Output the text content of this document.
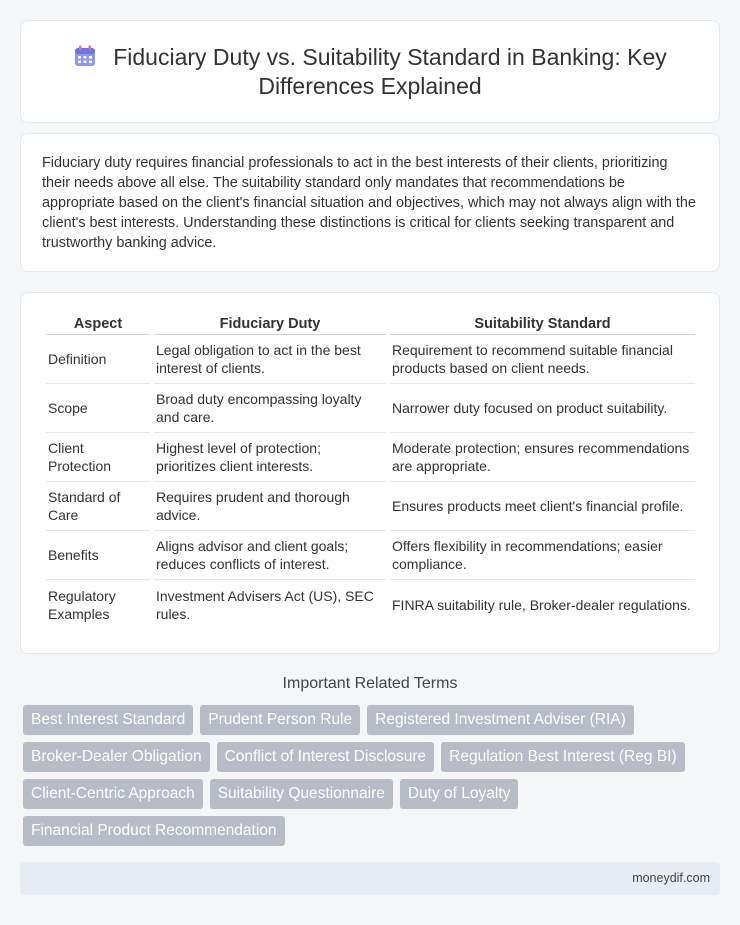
Fiduciary Duty vs. Suitability Standard in Banking: Key Differences Explained

Fiduciary duty requires financial professionals to act in the best interests of their clients, prioritizing their needs above all else. The suitability standard only mandates that recommendations be appropriate based on the client's financial situation and objectives, which may not always align with the client's best interests. Understanding these distinctions is critical for clients seeking transparent and trustworthy banking advice.

Aspect	Fiduciary Duty	Suitability Standard
Definition	Legal obligation to act in the best interest of clients.	Requirement to recommend suitable financial products based on client needs.
Scope	Broad duty encompassing loyalty and care.	Narrower duty focused on product suitability.
Client Protection	Highest level of protection; prioritizes client interests.	Moderate protection; ensures recommendations are appropriate.
Standard of Care	Requires prudent and thorough advice.	Ensures products meet client's financial profile.
Benefits	Aligns advisor and client goals; reduces conflicts of interest.	Offers flexibility in recommendations; easier compliance.
Regulatory Examples	Investment Advisers Act (US), SEC rules.	FINRA suitability rule, Broker-dealer regulations.
Important Related Terms
Best Interest Standard	Prudent Person Rule	Registered Investment Adviser (RIA)
Broker-Dealer Obligation	Conflict of Interest Disclosure	Regulation Best Interest (Reg BI)
Client-Centric Approach	Suitability Questionnaire	Duty of Loyalty
Financial Product Recommendation
moneydif.com
